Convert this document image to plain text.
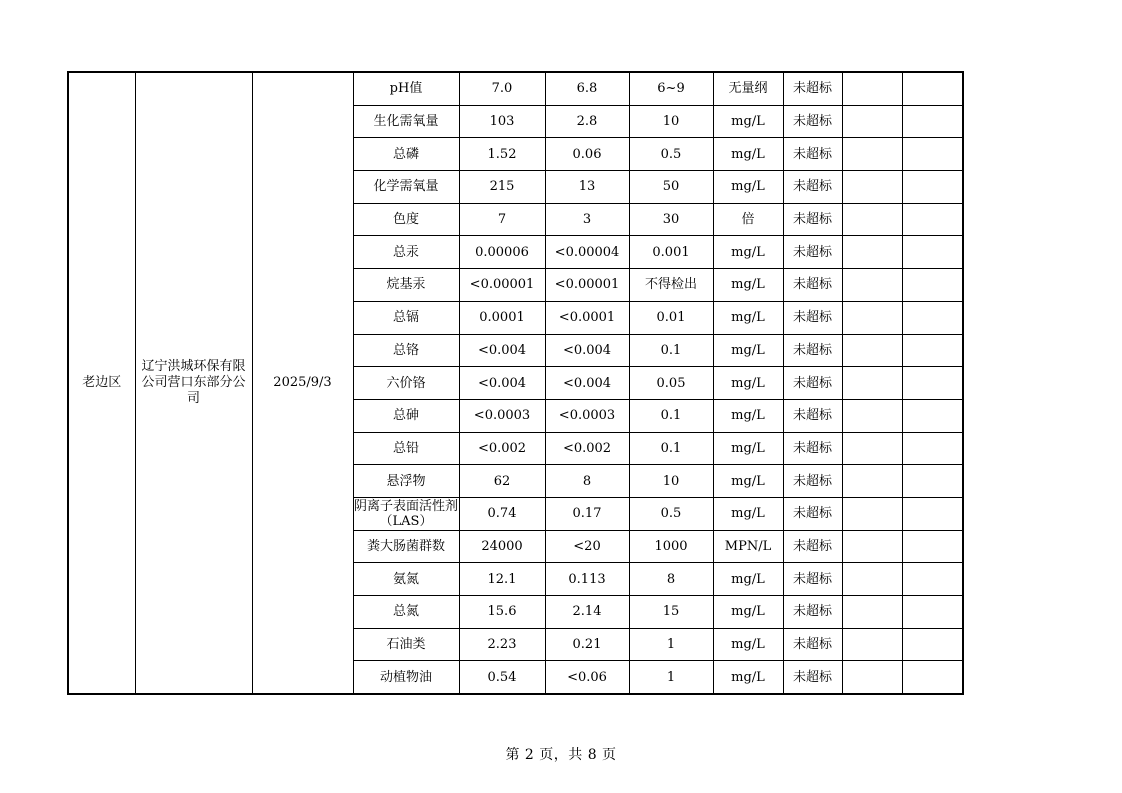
老边区	辽宁洪城环保有限公司营口东部分公司	2025/9/3	pH值	7.0	6.8	6~9	无量纲	未超标		
			生化需氧量	103	2.8	10	mg/L	未超标		
			总磷	1.52	0.06	0.5	mg/L	未超标		
			化学需氧量	215	13	50	mg/L	未超标		
			色度	7	3	30	倍	未超标		
			总汞	0.00006	<0.00004	0.001	mg/L	未超标		
			烷基汞	<0.00001	<0.00001	不得检出	mg/L	未超标		
			总镉	0.0001	<0.0001	0.01	mg/L	未超标		
			总铬	<0.004	<0.004	0.1	mg/L	未超标		
			六价铬	<0.004	<0.004	0.05	mg/L	未超标		
			总砷	<0.0003	<0.0003	0.1	mg/L	未超标		
			总铅	<0.002	<0.002	0.1	mg/L	未超标		
			悬浮物	62	8	10	mg/L	未超标		
			阴离子表面活性剂（LAS）	0.74	0.17	0.5	mg/L	未超标		
			粪大肠菌群数	24000	<20	1000	MPN/L	未超标		
			氨氮	12.1	0.113	8	mg/L	未超标		
			总氮	15.6	2.14	15	mg/L	未超标		
			石油类	2.23	0.21	1	mg/L	未超标		
			动植物油	0.54	<0.06	1	mg/L	未超标		
第 2 页，共 8 页
